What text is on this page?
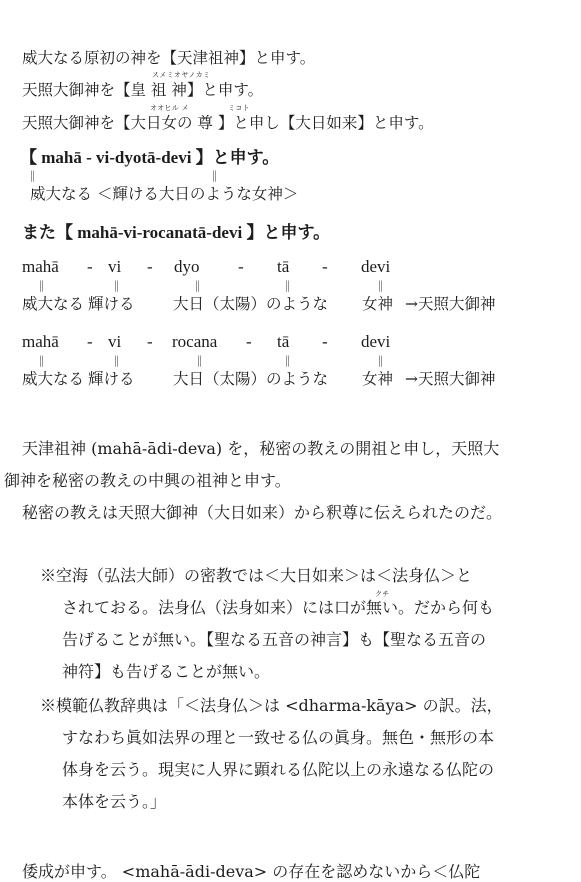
威大なる原初の神を【天津祖神】と申す。
スメミオヤノカミ
天照大御神を【皇 祖 神】と申す。
オオヒル メ	ミコト
天照大御神を【大日女の 尊 】と申し【大日如来】と申す。
【 mahā - vi-dyotā-devi 】と申す。
||	||
威大なる ＜輝ける大日のような女神＞
また【 mahā-vi-rocanatā-devi 】と申す。
mahā - vi - dyo - tā - devi
||	||	||	||	||
威大なる 輝ける 大日（太陽）のような 女神 →天照大御神
mahā - vi - rocana - tā - devi
||	||	||	||	||
威大なる 輝ける 大日（太陽）のような 女神 →天照大御神
天津祖神 (mahā-ādi-deva) を，秘密の教えの開祖と申し，天照大
御神を秘密の教えの中興の祖神と申す。
秘密の教えは天照大御神（大日如来）から釈尊に伝えられたのだ。
※空海（弘法大師）の密教では＜大日如来＞は＜法身仏＞と
クチ
されておる。法身仏（法身如来）には口が無い。だから何も
告げることが無い。【聖なる五音の神言】も【聖なる五音の
神符】も告げることが無い。
※模範仏教辞典は「＜法身仏＞は <dharma-kāya> の訳。法，
すなわち眞如法界の理と一致せる仏の眞身。無色・無形の本
体身を云う。現実に人界に顕れる仏陀以上の永遠なる仏陀の
本体を云う。」
倭成が申す。 <mahā-ādi-deva> の存在を認めないから＜仏陀
